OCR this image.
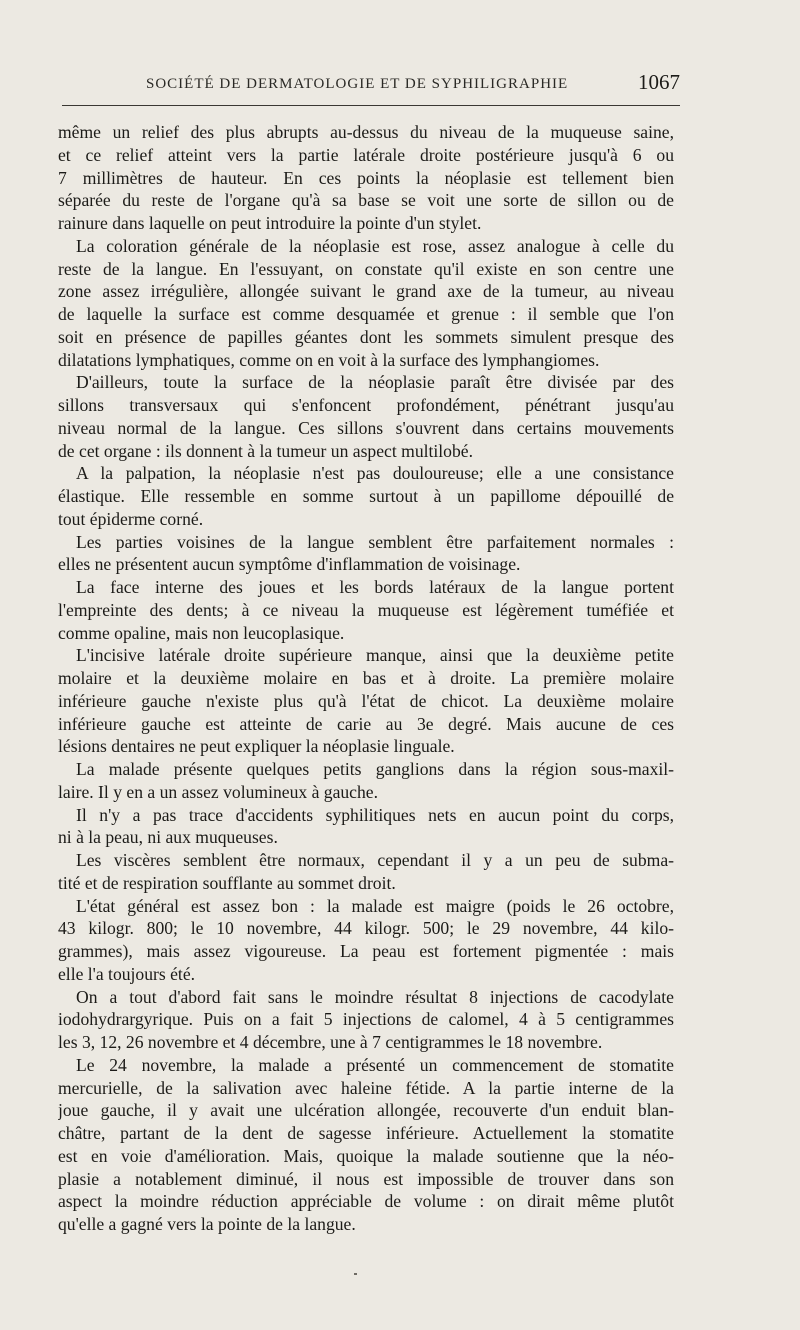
SOCIÉTÉ DE DERMATOLOGIE ET DE SYPHILIGRAPHIE	1067
même un relief des plus abrupts au-dessus du niveau de la muqueuse saine,
et ce relief atteint vers la partie latérale droite postérieure jusqu'à 6 ou
7 millimètres de hauteur. En ces points la néoplasie est tellement bien
séparée du reste de l'organe qu'à sa base se voit une sorte de sillon ou de
rainure dans laquelle on peut introduire la pointe d'un stylet.
La coloration générale de la néoplasie est rose, assez analogue à celle du
reste de la langue. En l'essuyant, on constate qu'il existe en son centre une
zone assez irrégulière, allongée suivant le grand axe de la tumeur, au niveau
de laquelle la surface est comme desquamée et grenue : il semble que l'on
soit en présence de papilles géantes dont les sommets simulent presque des
dilatations lymphatiques, comme on en voit à la surface des lymphangiomes.
D'ailleurs, toute la surface de la néoplasie paraît être divisée par des
sillons transversaux qui s'enfoncent profondément, pénétrant jusqu'au
niveau normal de la langue. Ces sillons s'ouvrent dans certains mouvements
de cet organe : ils donnent à la tumeur un aspect multilobé.
A la palpation, la néoplasie n'est pas douloureuse; elle a une consistance
élastique. Elle ressemble en somme surtout à un papillome dépouillé de
tout épiderme corné.
Les parties voisines de la langue semblent être parfaitement normales :
elles ne présentent aucun symptôme d'inflammation de voisinage.
La face interne des joues et les bords latéraux de la langue portent
l'empreinte des dents; à ce niveau la muqueuse est légèrement tuméfiée et
comme opaline, mais non leucoplasique.
L'incisive latérale droite supérieure manque, ainsi que la deuxième petite
molaire et la deuxième molaire en bas et à droite. La première molaire
inférieure gauche n'existe plus qu'à l'état de chicot. La deuxième molaire
inférieure gauche est atteinte de carie au 3e degré. Mais aucune de ces
lésions dentaires ne peut expliquer la néoplasie linguale.
La malade présente quelques petits ganglions dans la région sous-maxil-
laire. Il y en a un assez volumineux à gauche.
Il n'y a pas trace d'accidents syphilitiques nets en aucun point du corps,
ni à la peau, ni aux muqueuses.
Les viscères semblent être normaux, cependant il y a un peu de subma-
tité et de respiration soufflante au sommet droit.
L'état général est assez bon : la malade est maigre (poids le 26 octobre,
43 kilogr. 800; le 10 novembre, 44 kilogr. 500; le 29 novembre, 44 kilo-
grammes), mais assez vigoureuse. La peau est fortement pigmentée : mais
elle l'a toujours été.
On a tout d'abord fait sans le moindre résultat 8 injections de cacodylate
iodohydrargyrique. Puis on a fait 5 injections de calomel, 4 à 5 centigrammes
les 3, 12, 26 novembre et 4 décembre, une à 7 centigrammes le 18 novembre.
Le 24 novembre, la malade a présenté un commencement de stomatite
mercurielle, de la salivation avec haleine fétide. A la partie interne de la
joue gauche, il y avait une ulcération allongée, recouverte d'un enduit blan-
châtre, partant de la dent de sagesse inférieure. Actuellement la stomatite
est en voie d'amélioration. Mais, quoique la malade soutienne que la néo-
plasie a notablement diminué, il nous est impossible de trouver dans son
aspect la moindre réduction appréciable de volume : on dirait même plutôt
qu'elle a gagné vers la pointe de la langue.
